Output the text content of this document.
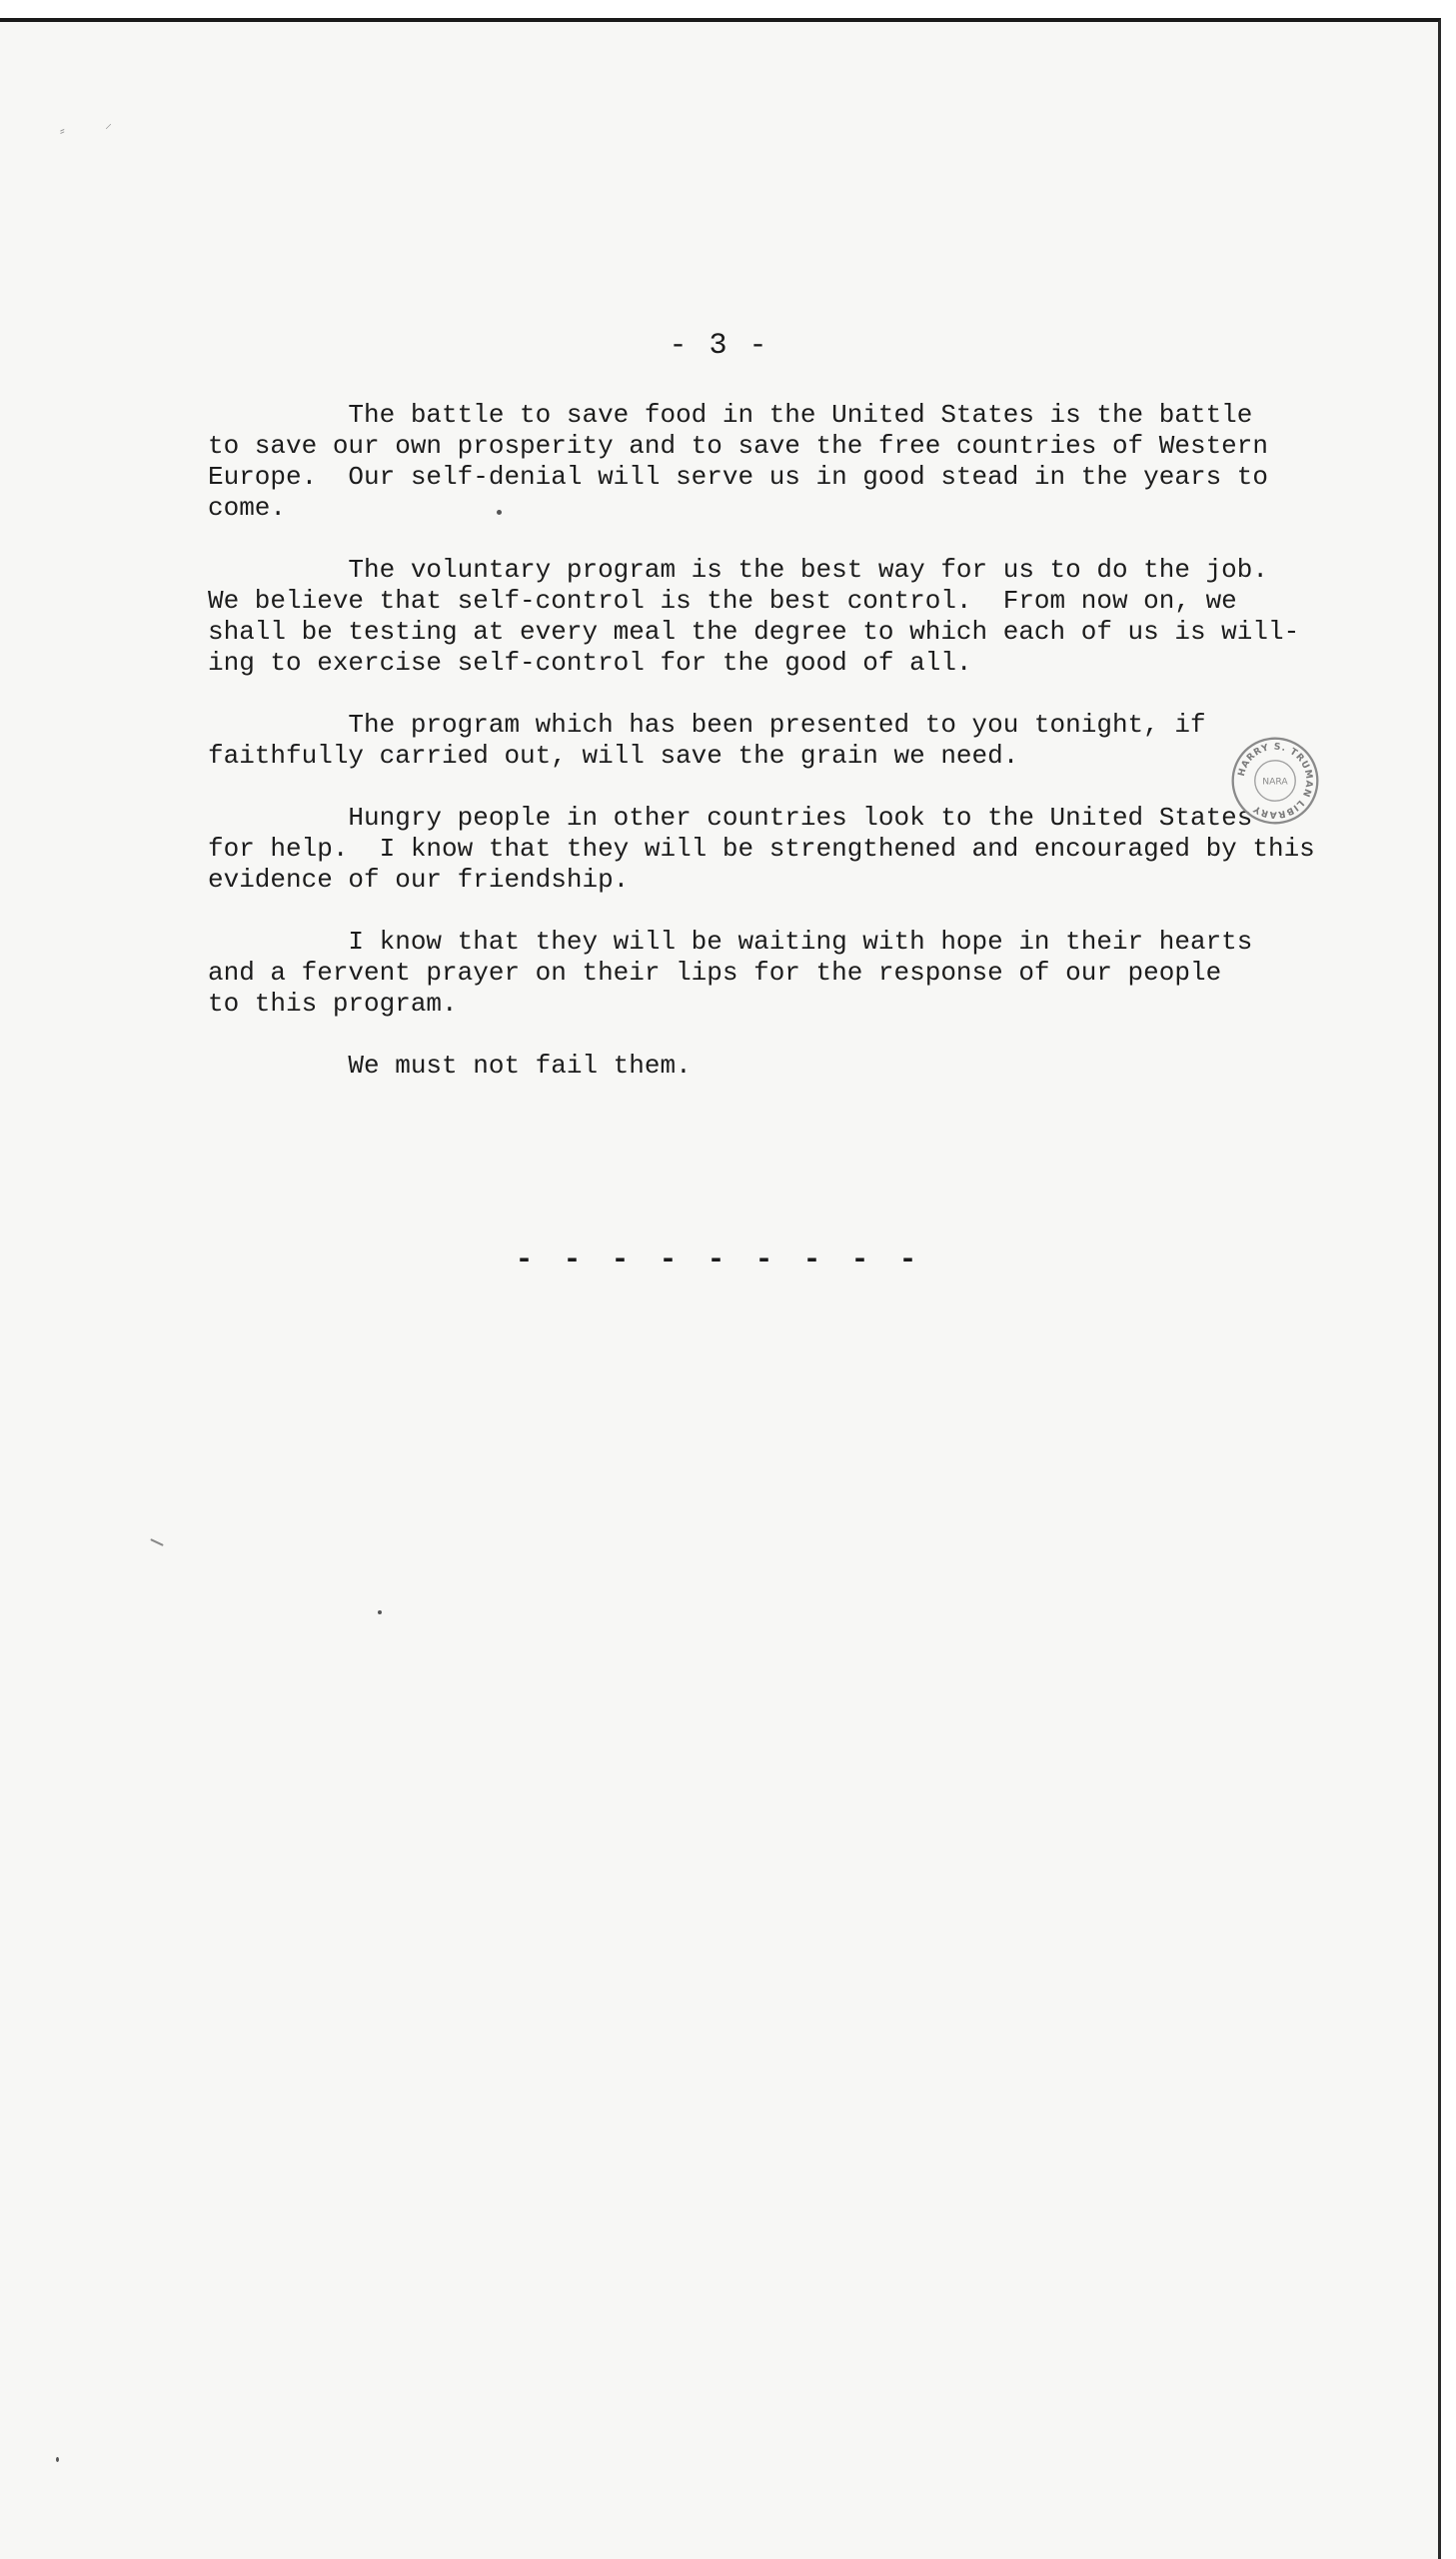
⸗	⸝
- 3 -

The battle to save food in the United States is the battle
to save our own prosperity and to save the free countries of Western
Europe.  Our self-denial will serve us in good stead in the years to
come.

The voluntary program is the best way for us to do the job.
We believe that self-control is the best control.  From now on, we
shall be testing at every meal the degree to which each of us is will-
ing to exercise self-control for the good of all.

The program which has been presented to you tonight, if
faithfully carried out, will save the grain we need.

Hungry people in other countries look to the United States
for help.  I know that they will be strengthened and encouraged by this
evidence of our friendship.

I know that they will be waiting with hope in their hearts
and a fervent prayer on their lips for the response of our people
to this program.

We must not fail them.

- - - - - - - - -
HARRY S. TRUMAN LIBRARY
NARA
